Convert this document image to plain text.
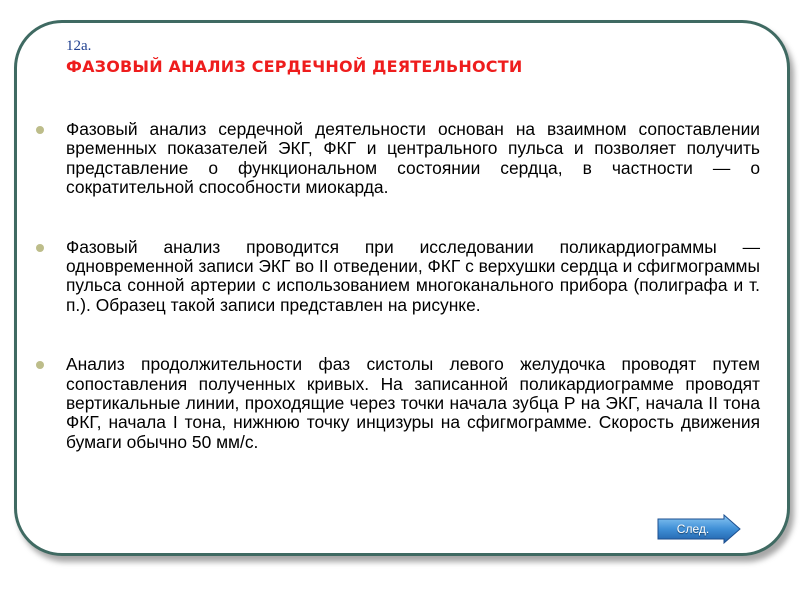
12a.
ФАЗОВЫЙ АНАЛИЗ СЕРДЕЧНОЙ ДЕЯТЕЛЬНОСТИ
Фазовый анализ сердечной деятельности основан на взаимном сопоставлении временных показателей ЭКГ, ФКГ и центрального пульса и позволяет получить представление о функциональном состоянии сердца, в частности — о сократительной способности миокарда.
Фазовый анализ проводится при исследовании поликардиограммы — одновременной записи ЭКГ во II отведении, ФКГ с верхушки сердца и сфигмограммы пульса сонной артерии с использованием многоканального прибора (полиграфа и т. п.). Образец такой записи представлен на рисунке.
Анализ продолжительности фаз систолы левого желудочка проводят путем сопоставления полученных кривых. На записанной поликардиограмме проводят вертикальные линии, проходящие через точки начала зубца Р на ЭКГ, начала II тона ФКГ, начала I тона, нижнюю точку инцизуры на сфигмограмме. Скорость движения бумаги обычно 50 мм/с.
След.
